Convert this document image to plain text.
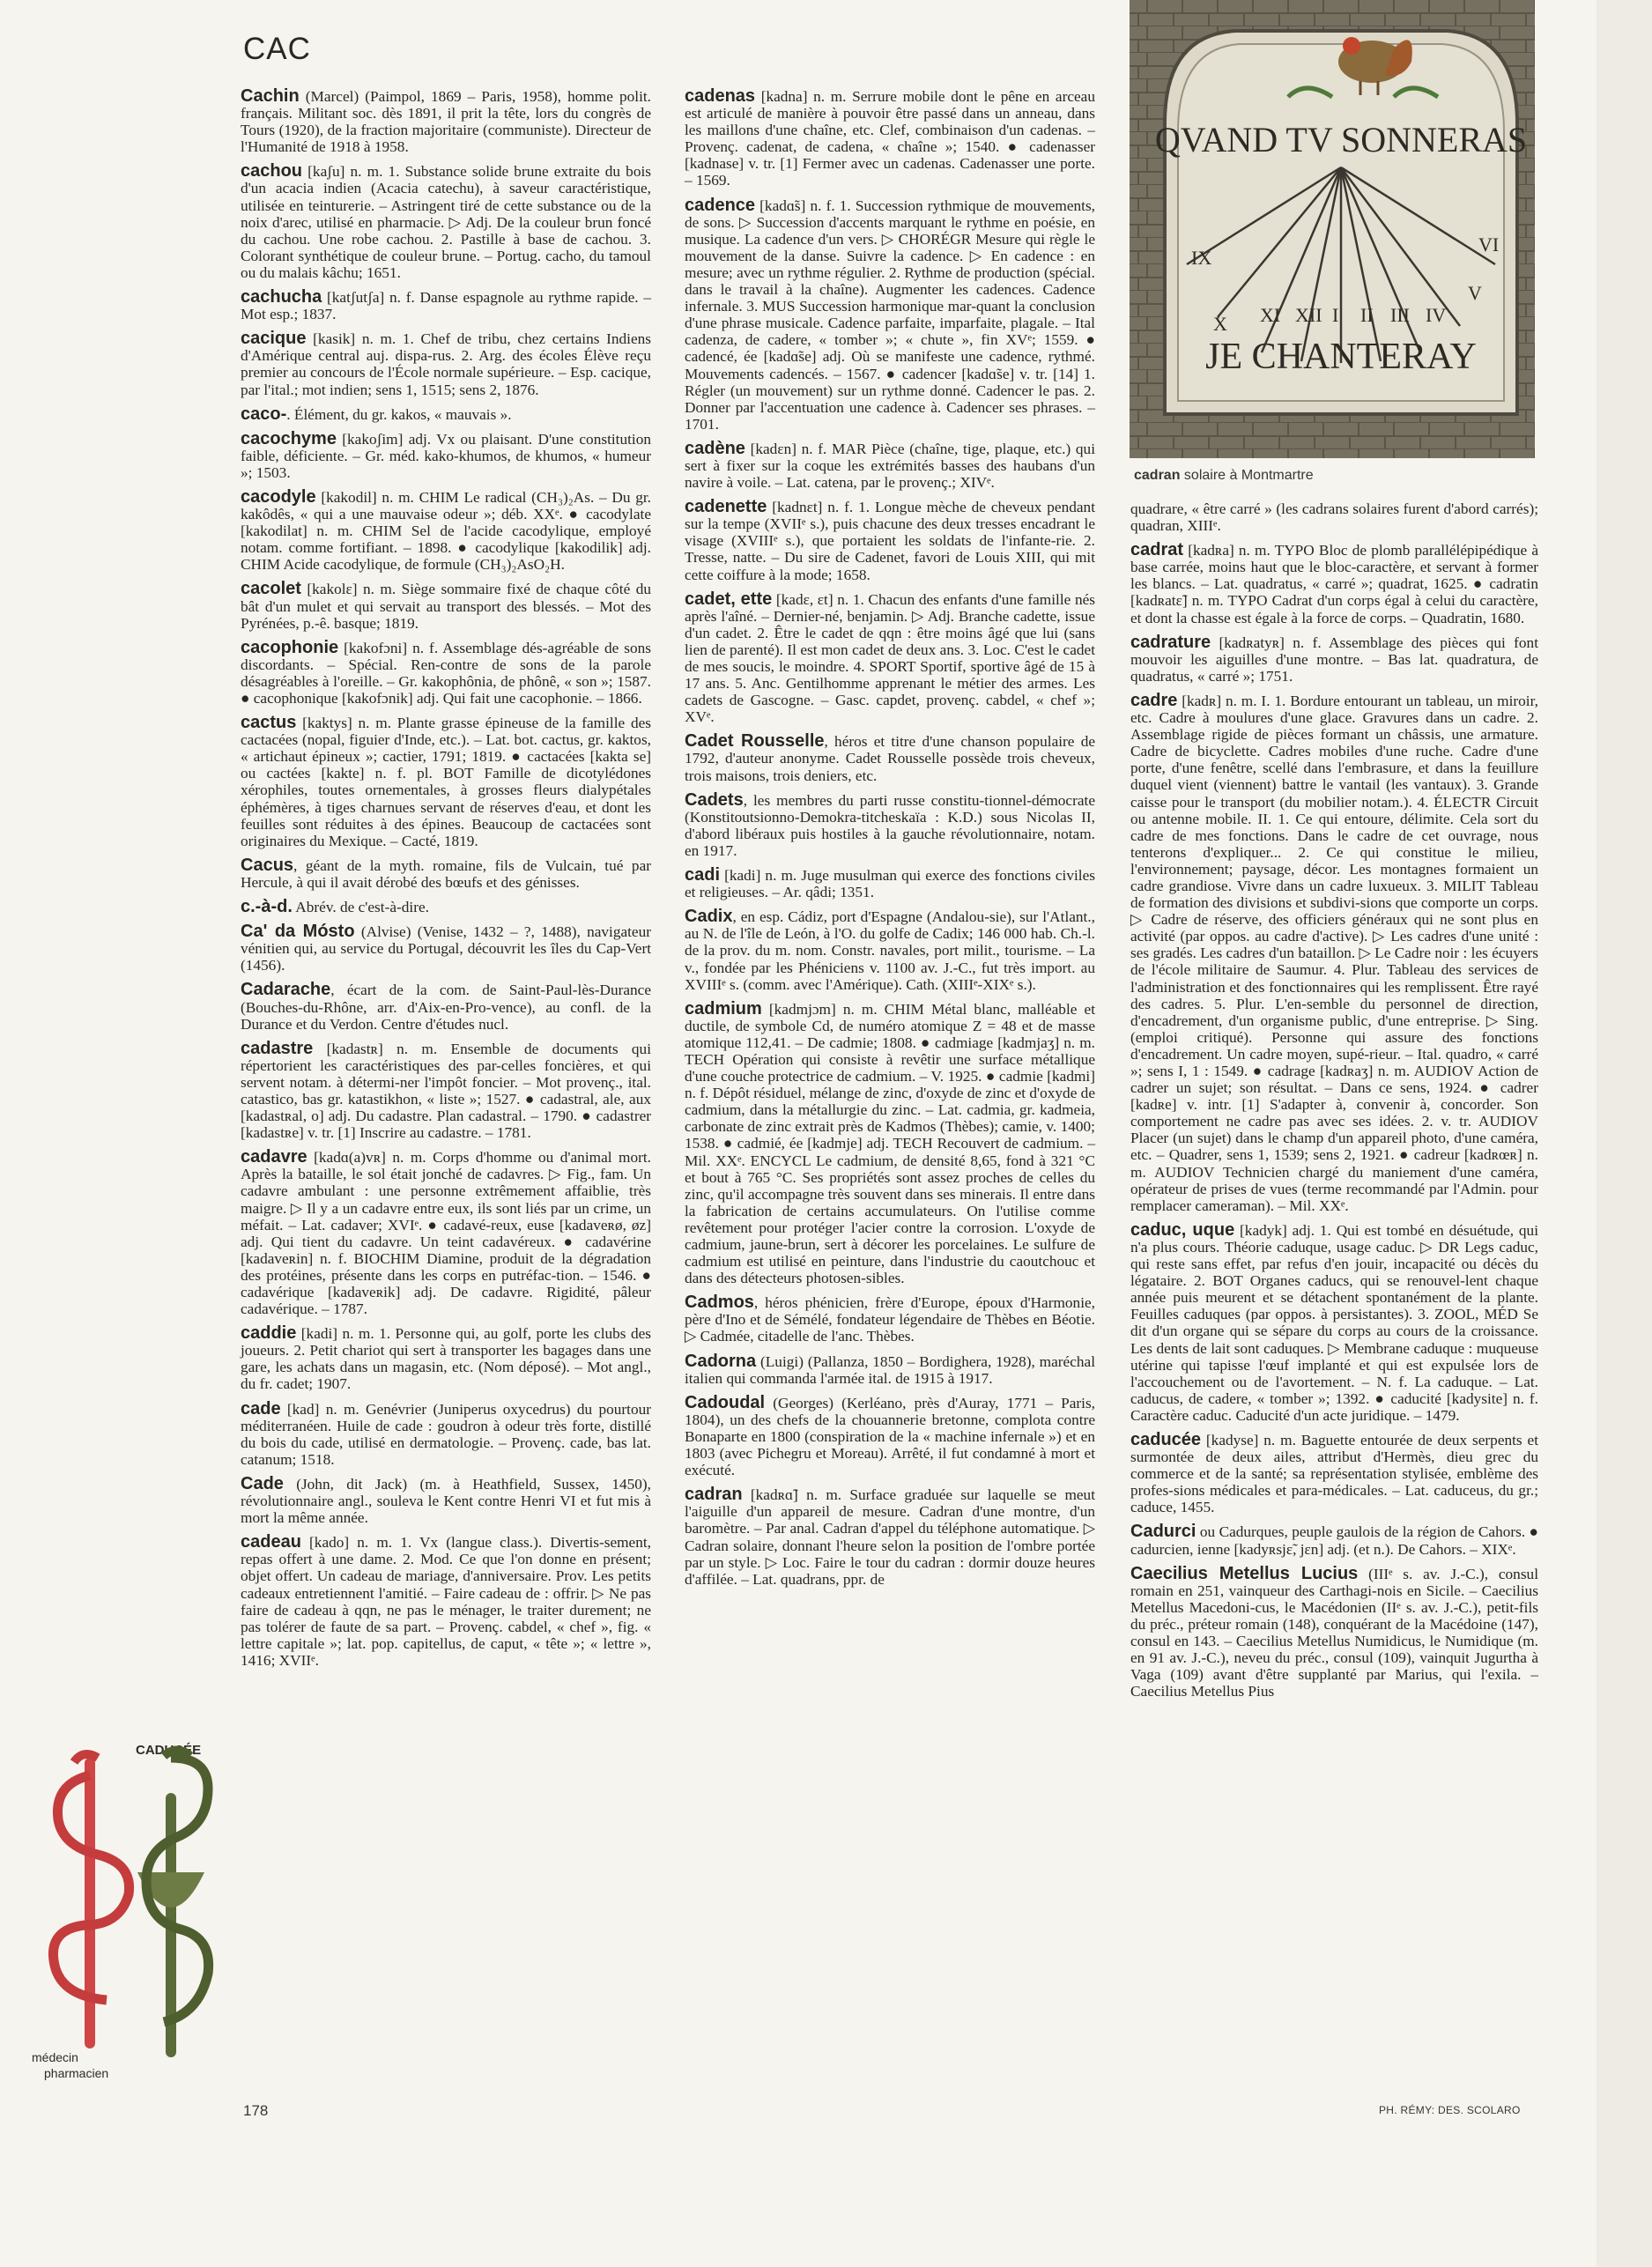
CAC
QVAND TV SONNERAS
IX
X XI XII I II III IV
V
VI
JE CHANTERAY
cadran solaire à Montmartre
CADUCÉE
médecin
pharmacien
Cachin (Marcel) (Paimpol, 1869 – Paris, 1958), homme polit. français. Militant soc. dès 1891, il prit la tête, lors du congrès de Tours (1920), de la fraction majoritaire (communiste). Directeur de l'Humanité de 1918 à 1958.
cachou [kaʃu] n. m. 1. Substance solide brune extraite du bois d'un acacia indien (Acacia catechu), à saveur caractéristique, utilisée en teinturerie. – Astringent tiré de cette substance ou de la noix d'arec, utilisé en pharmacie. ▷ Adj. De la couleur brun foncé du cachou. Une robe cachou. 2. Pastille à base de cachou. 3. Colorant synthétique de couleur brune. – Portug. cacho, du tamoul ou du malais kâchu; 1651.
cachucha [katʃutʃa] n. f. Danse espagnole au rythme rapide. – Mot esp.; 1837.
cacique [kasik] n. m. 1. Chef de tribu, chez certains Indiens d'Amérique central auj. dispa-rus. 2. Arg. des écoles Élève reçu premier au concours de l'École normale supérieure. – Esp. cacique, par l'ital.; mot indien; sens 1, 1515; sens 2, 1876.
caco-. Élément, du gr. kakos, « mauvais ».
cacochyme [kakoʃim] adj. Vx ou plaisant. D'une constitution faible, déficiente. – Gr. méd. kako-khumos, de khumos, « humeur »; 1503.
cacodyle [kakodil] n. m. CHIM Le radical (CH₃)₂As. – Du gr. kakôdês, « qui a une mauvaise odeur »; déb. XXᵉ. ● cacodylate [kakodilat] n. m. CHIM Sel de l'acide cacodylique, employé notam. comme fortifiant. – 1898. ● cacodylique [kakodilik] adj. CHIM Acide cacodylique, de formule (CH₃)₂AsO₂H.
cacolet [kakolɛ] n. m. Siège sommaire fixé de chaque côté du bât d'un mulet et qui servait au transport des blessés. – Mot des Pyrénées, p.-ê. basque; 1819.
cacophonie [kakofɔni] n. f. Assemblage dés-agréable de sons discordants. – Spécial. Ren-contre de sons de la parole désagréables à l'oreille. – Gr. kakophônia, de phônê, « son »; 1587. ● cacophonique [kakofɔnik] adj. Qui fait une cacophonie. – 1866.
cactus [kaktys] n. m. Plante grasse épineuse de la famille des cactacées (nopal, figuier d'Inde, etc.). – Lat. bot. cactus, gr. kaktos, « artichaut épineux »; cactier, 1791; 1819. ● cactacées [kakta se] ou cactées [kakte] n. f. pl. BOT Famille de dicotylédones xérophiles, toutes ornementales, à grosses fleurs dialypétales éphémères, à tiges charnues servant de réserves d'eau, et dont les feuilles sont réduites à des épines. Beaucoup de cactacées sont originaires du Mexique. – Cacté, 1819.
Cacus, géant de la myth. romaine, fils de Vulcain, tué par Hercule, à qui il avait dérobé des bœufs et des génisses.
c.-à-d. Abrév. de c'est-à-dire.
Ca' da Mósto (Alvise) (Venise, 1432 – ?, 1488), navigateur vénitien qui, au service du Portugal, découvrit les îles du Cap-Vert (1456).
Cadarache, écart de la com. de Saint-Paul-lès-Durance (Bouches-du-Rhône, arr. d'Aix-en-Pro-vence), au confl. de la Durance et du Verdon. Centre d'études nucl.
cadastre [kadastʀ] n. m. Ensemble de documents qui répertorient les caractéristiques des par-celles foncières, et qui servent notam. à détermi-ner l'impôt foncier. – Mot provenç., ital. catastico, bas gr. katastikhon, « liste »; 1527. ● cadastral, ale, aux [kadastʀal, o] adj. Du cadastre. Plan cadastral. – 1790. ● cadastrer [kadastʀe] v. tr. [1] Inscrire au cadastre. – 1781.
cadavre [kadɑ(a)vʀ] n. m. Corps d'homme ou d'animal mort. Après la bataille, le sol était jonché de cadavres. ▷ Fig., fam. Un cadavre ambulant : une personne extrêmement affaiblie, très maigre. ▷ Il y a un cadavre entre eux, ils sont liés par un crime, un méfait. – Lat. cadaver; XVIᵉ. ● cadavé-reux, euse [kadaveʀø, øz] adj. Qui tient du cadavre. Un teint cadavéreux. ● cadavérine [kadaveʀin] n. f. BIOCHIM Diamine, produit de la dégradation des protéines, présente dans les corps en putréfac-tion. – 1546. ● cadavérique [kadaveʀik] adj. De cadavre. Rigidité, pâleur cadavérique. – 1787.
caddie [kadi] n. m. 1. Personne qui, au golf, porte les clubs des joueurs. 2. Petit chariot qui sert à transporter les bagages dans une gare, les achats dans un magasin, etc. (Nom déposé). – Mot angl., du fr. cadet; 1907.
cade [kad] n. m. Genévrier (Juniperus oxycedrus) du pourtour méditerranéen. Huile de cade : goudron à odeur très forte, distillé du bois du cade, utilisé en dermatologie. – Provenç. cade, bas lat. catanum; 1518.
Cade (John, dit Jack) (m. à Heathfield, Sussex, 1450), révolutionnaire angl., souleva le Kent contre Henri VI et fut mis à mort la même année.
cadeau [kado] n. m. 1. Vx (langue class.). Divertis-sement, repas offert à une dame. 2. Mod. Ce que l'on donne en présent; objet offert. Un cadeau de mariage, d'anniversaire. Prov. Les petits cadeaux entretiennent l'amitié. – Faire cadeau de : offrir. ▷ Ne pas faire de cadeau à qqn, ne pas le ménager, le traiter durement; ne pas tolérer de faute de sa part. – Provenç. cabdel, « chef », fig. « lettre capitale »; lat. pop. capitellus, de caput, « tête »; « lettre », 1416; XVIIᵉ.
cadenas [kadna] n. m. Serrure mobile dont le pêne en arceau est articulé de manière à pouvoir être passé dans un anneau, dans les maillons d'une chaîne, etc. Clef, combinaison d'un cadenas. – Provenç. cadenat, de cadena, « chaîne »; 1540. ● cadenasser [kadnase] v. tr. [1] Fermer avec un cadenas. Cadenasser une porte. – 1569.
cadence [kadɑ̃s] n. f. 1. Succession rythmique de mouvements, de sons. ▷ Succession d'accents marquant le rythme en poésie, en musique. La cadence d'un vers. ▷ CHORÉGR Mesure qui règle le mouvement de la danse. Suivre la cadence. ▷ En cadence : en mesure; avec un rythme régulier. 2. Rythme de production (spécial. dans le travail à la chaîne). Augmenter les cadences. Cadence infernale. 3. MUS Succession harmonique mar-quant la conclusion d'une phrase musicale. Cadence parfaite, imparfaite, plagale. – Ital cadenza, de cadere, « tomber »; « chute », fin XVᵉ; 1559. ● cadencé, ée [kadɑ̃se] adj. Où se manifeste une cadence, rythmé. Mouvements cadencés. – 1567. ● cadencer [kadɑ̃se] v. tr. [14] 1. Régler (un mouvement) sur un rythme donné. Cadencer le pas. 2. Donner par l'accentuation une cadence à. Cadencer ses phrases. – 1701.
cadène [kadɛn] n. f. MAR Pièce (chaîne, tige, plaque, etc.) qui sert à fixer sur la coque les extrémités basses des haubans d'un navire à voile. – Lat. catena, par le provenç.; XIVᵉ.
cadenette [kadnɛt] n. f. 1. Longue mèche de cheveux pendant sur la tempe (XVIIᵉ s.), puis chacune des deux tresses encadrant le visage (XVIIIᵉ s.), que portaient les soldats de l'infante-rie. 2. Tresse, natte. – Du sire de Cadenet, favori de Louis XIII, qui mit cette coiffure à la mode; 1658.
cadet, ette [kadɛ, ɛt] n. 1. Chacun des enfants d'une famille nés après l'aîné. – Dernier-né, benjamin. ▷ Adj. Branche cadette, issue d'un cadet. 2. Être le cadet de qqn : être moins âgé que lui (sans lien de parenté). Il est mon cadet de deux ans. 3. Loc. C'est le cadet de mes soucis, le moindre. 4. SPORT Sportif, sportive âgé de 15 à 17 ans. 5. Anc. Gentilhomme apprenant le métier des armes. Les cadets de Gascogne. – Gasc. capdet, provenç. cabdel, « chef »; XVᵉ.
Cadet Rousselle, héros et titre d'une chanson populaire de 1792, d'auteur anonyme. Cadet Rousselle possède trois cheveux, trois maisons, trois deniers, etc.
Cadets, les membres du parti russe constitu-tionnel-démocrate (Konstitoutsionno-Demokra-titcheskaïa : K.D.) sous Nicolas II, d'abord libéraux puis hostiles à la gauche révolutionnaire, notam. en 1917.
cadi [kadi] n. m. Juge musulman qui exerce des fonctions civiles et religieuses. – Ar. qâdi; 1351.
Cadix, en esp. Cádiz, port d'Espagne (Andalou-sie), sur l'Atlant., au N. de l'île de León, à l'O. du golfe de Cadix; 146 000 hab. Ch.-l. de la prov. du m. nom. Constr. navales, port milit., tourisme. – La v., fondée par les Phéniciens v. 1100 av. J.-C., fut très import. au XVIIIᵉ s. (comm. avec l'Amérique). Cath. (XIIIᵉ-XIXᵉ s.).
cadmium [kadmjɔm] n. m. CHIM Métal blanc, malléable et ductile, de symbole Cd, de numéro atomique Z = 48 et de masse atomique 112,41. – De cadmie; 1808. ● cadmiage [kadmjaʒ] n. m. TECH Opération qui consiste à revêtir une surface métallique d'une couche protectrice de cadmium. – V. 1925. ● cadmie [kadmi] n. f. Dépôt résiduel, mélange de zinc, d'oxyde de zinc et d'oxyde de cadmium, dans la métallurgie du zinc. – Lat. cadmia, gr. kadmeia, carbonate de zinc extrait près de Kadmos (Thèbes); camie, v. 1400; 1538. ● cadmié, ée [kadmje] adj. TECH Recouvert de cadmium. – Mil. XXᵉ. ENCYCL Le cadmium, de densité 8,65, fond à 321 °C et bout à 765 °C. Ses propriétés sont assez proches de celles du zinc, qu'il accompagne très souvent dans ses minerais. Il entre dans la fabrication de certains accumulateurs. On l'utilise comme revêtement pour protéger l'acier contre la corrosion. L'oxyde de cadmium, jaune-brun, sert à décorer les porcelaines. Le sulfure de cadmium est utilisé en peinture, dans l'industrie du caoutchouc et dans des détecteurs photosen-sibles.
Cadmos, héros phénicien, frère d'Europe, époux d'Harmonie, père d'Ino et de Sémélé, fondateur légendaire de Thèbes en Béotie. ▷ Cadmée, citadelle de l'anc. Thèbes.
Cadorna (Luigi) (Pallanza, 1850 – Bordighera, 1928), maréchal italien qui commanda l'armée ital. de 1915 à 1917.
Cadoudal (Georges) (Kerléano, près d'Auray, 1771 – Paris, 1804), un des chefs de la chouannerie bretonne, complota contre Bonaparte en 1800 (conspiration de la « machine infernale ») et en 1803 (avec Pichegru et Moreau). Arrêté, il fut condamné à mort et exécuté.
cadran [kadʀɑ̃] n. m. Surface graduée sur laquelle se meut l'aiguille d'un appareil de mesure. Cadran d'une montre, d'un baromètre. – Par anal. Cadran d'appel du téléphone automatique. ▷ Cadran solaire, donnant l'heure selon la position de l'ombre portée par un style. ▷ Loc. Faire le tour du cadran : dormir douze heures d'affilée. – Lat. quadrans, ppr. de
quadrare, « être carré » (les cadrans solaires furent d'abord carrés); quadran, XIIIᵉ.
cadrat [kadʀa] n. m. TYPO Bloc de plomb parallélépipédique à base carrée, moins haut que le bloc-caractère, et servant à former les blancs. – Lat. quadratus, « carré »; quadrat, 1625. ● cadratin [kadʀatɛ̃] n. m. TYPO Cadrat d'un corps égal à celui du caractère, et dont la chasse est égale à la force de corps. – Quadratin, 1680.
cadrature [kadʀatyʀ] n. f. Assemblage des pièces qui font mouvoir les aiguilles d'une montre. – Bas lat. quadratura, de quadratus, « carré »; 1751.
cadre [kadʀ] n. m. I. 1. Bordure entourant un tableau, un miroir, etc. Cadre à moulures d'une glace. Gravures dans un cadre. 2. Assemblage rigide de pièces formant un châssis, une armature. Cadre de bicyclette. Cadres mobiles d'une ruche. Cadre d'une porte, d'une fenêtre, scellé dans l'embrasure, et dans la feuillure duquel vient (viennent) battre le vantail (les vantaux). 3. Grande caisse pour le transport (du mobilier notam.). 4. ÉLECTR Circuit ou antenne mobile. II. 1. Ce qui entoure, délimite. Cela sort du cadre de mes fonctions. Dans le cadre de cet ouvrage, nous tenterons d'expliquer... 2. Ce qui constitue le milieu, l'environnement; paysage, décor. Les montagnes formaient un cadre grandiose. Vivre dans un cadre luxueux. 3. MILIT Tableau de formation des divisions et subdivi-sions que comporte un corps. ▷ Cadre de réserve, des officiers généraux qui ne sont plus en activité (par oppos. au cadre d'active). ▷ Les cadres d'une unité : ses gradés. Les cadres d'un bataillon. ▷ Le Cadre noir : les écuyers de l'école militaire de Saumur. 4. Plur. Tableau des services de l'administration et des fonctionnaires qui les remplissent. Être rayé des cadres. 5. Plur. L'en-semble du personnel de direction, d'encadrement, d'un organisme public, d'une entreprise. ▷ Sing. (emploi critiqué). Personne qui assure des fonctions d'encadrement. Un cadre moyen, supé-rieur. – Ital. quadro, « carré »; sens I, 1 : 1549. ● cadrage [kadʀaʒ] n. m. AUDIOV Action de cadrer un sujet; son résultat. – Dans ce sens, 1924. ● cadrer [kadʀe] v. intr. [1] S'adapter à, convenir à, concorder. Son comportement ne cadre pas avec ses idées. 2. v. tr. AUDIOV Placer (un sujet) dans le champ d'un appareil photo, d'une caméra, etc. – Quadrer, sens 1, 1539; sens 2, 1921. ● cadreur [kadʀœʀ] n. m. AUDIOV Technicien chargé du maniement d'une caméra, opérateur de prises de vues (terme recommandé par l'Admin. pour remplacer cameraman). – Mil. XXᵉ.
caduc, uque [kadyk] adj. 1. Qui est tombé en désuétude, qui n'a plus cours. Théorie caduque, usage caduc. ▷ DR Legs caduc, qui reste sans effet, par refus d'en jouir, incapacité ou décès du légataire. 2. BOT Organes caducs, qui se renouvel-lent chaque année puis meurent et se détachent spontanément de la plante. Feuilles caduques (par oppos. à persistantes). 3. ZOOL, MÉD Se dit d'un organe qui se sépare du corps au cours de la croissance. Les dents de lait sont caduques. ▷ Membrane caduque : muqueuse utérine qui tapisse l'œuf implanté et qui est expulsée lors de l'accouchement ou de l'avortement. – N. f. La caduque. – Lat. caducus, de cadere, « tomber »; 1392. ● caducité [kadysite] n. f. Caractère caduc. Caducité d'un acte juridique. – 1479.
caducée [kadyse] n. m. Baguette entourée de deux serpents et surmontée de deux ailes, attribut d'Hermès, dieu grec du commerce et de la santé; sa représentation stylisée, emblème des profes-sions médicales et para-médicales. – Lat. caduceus, du gr.; caduce, 1455.
Cadurci ou Cadurques, peuple gaulois de la région de Cahors. ● cadurcien, ienne [kadyʀsjɛ̃, jɛn] adj. (et n.). De Cahors. – XIXᵉ.
Caecilius Metellus Lucius (IIIᵉ s. av. J.-C.), consul romain en 251, vainqueur des Carthagi-nois en Sicile. – Caecilius Metellus Macedoni-cus, le Macédonien (IIᵉ s. av. J.-C.), petit-fils du préc., préteur romain (148), conquérant de la Macédoine (147), consul en 143. – Caecilius Metellus Numidicus, le Numidique (m. en 91 av. J.-C.), neveu du préc., consul (109), vainquit Jugurtha à Vaga (109) avant d'être supplanté par Marius, qui l'exila. – Caecilius Metellus Pius
178	PH. RÉMY: DES. SCOLARO
